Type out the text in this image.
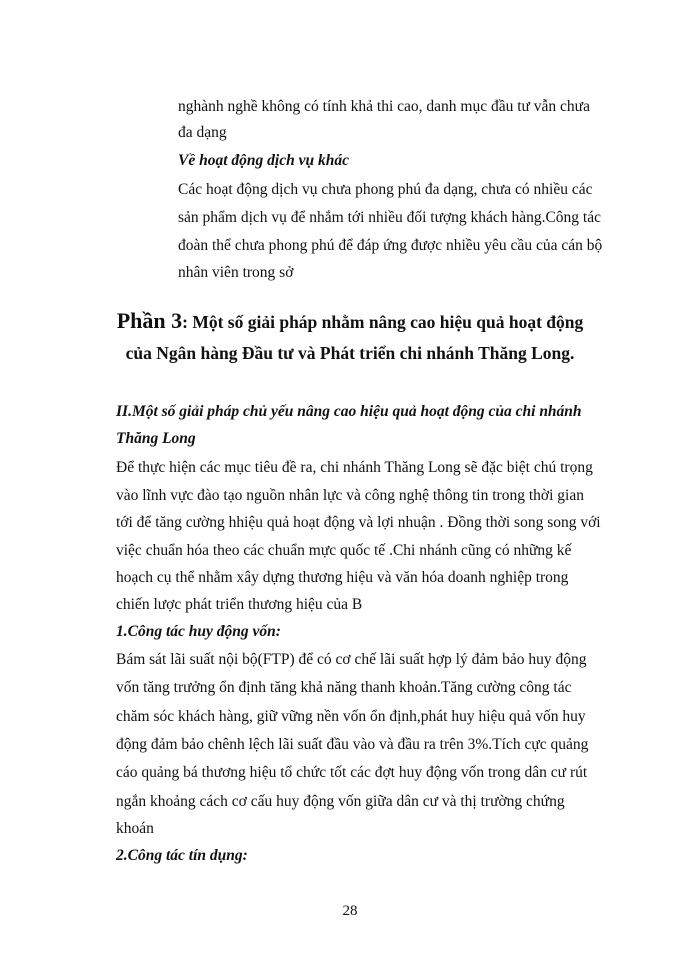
nghành nghề không có tính khả thi cao, danh mục đầu tư vẫn chưa
đa dạng
Về hoạt động dịch vụ khác
Các hoạt động dịch vụ chưa phong phú đa dạng, chưa có nhiều các
sản phẩm dịch vụ để nhắm tới nhiều đối tượng khách hàng.Công tác
đoàn thể chưa phong phú để đáp ứng được nhiều yêu cầu của cán bộ
nhân viên trong sở
Phần 3: Một số giải pháp nhằm nâng cao hiệu quả hoạt động
của Ngân hàng Đầu tư và Phát triển chi nhánh Thăng Long.
II.Một số giải pháp chủ yếu nâng cao hiệu quả hoạt động của chi nhánh
Thăng Long
Để thực hiện các mục tiêu đề ra, chi nhánh Thăng Long sẽ đặc biệt chú trọng
vào lĩnh vực đào tạo nguồn nhân lực và công nghệ thông tin trong thời gian
tới để tăng cường hhiệu quả hoạt động và lợi nhuận . Đồng thời song song với
việc chuẩn hóa theo các chuẩn mực quốc tế .Chi nhánh cũng có những kế
hoạch cụ thể nhằm xây dựng thương hiệu và văn hóa doanh nghiệp trong
chiến lược phát triển thương hiệu của B
1.Công tác huy động vốn:
Bám sát lãi suất nội bộ(FTP) để có cơ chế lãi suất hợp lý đảm bảo huy động
vốn tăng trưởng ổn định tăng khả năng thanh khoản.Tăng cường công tác
chăm sóc khách hàng, giữ vững nền vốn ổn định,phát huy hiệu quả vốn huy
động đảm bảo chênh lệch lãi suất đầu vào và đầu ra trên 3%.Tích cực quảng
cáo quảng bá thương hiệu tổ chức tốt các đợt huy động vốn trong dân cư rút
ngắn khoảng cách cơ cấu huy động vốn giữa dân cư và thị trường chứng
khoán
2.Công tác tín dụng:
28
